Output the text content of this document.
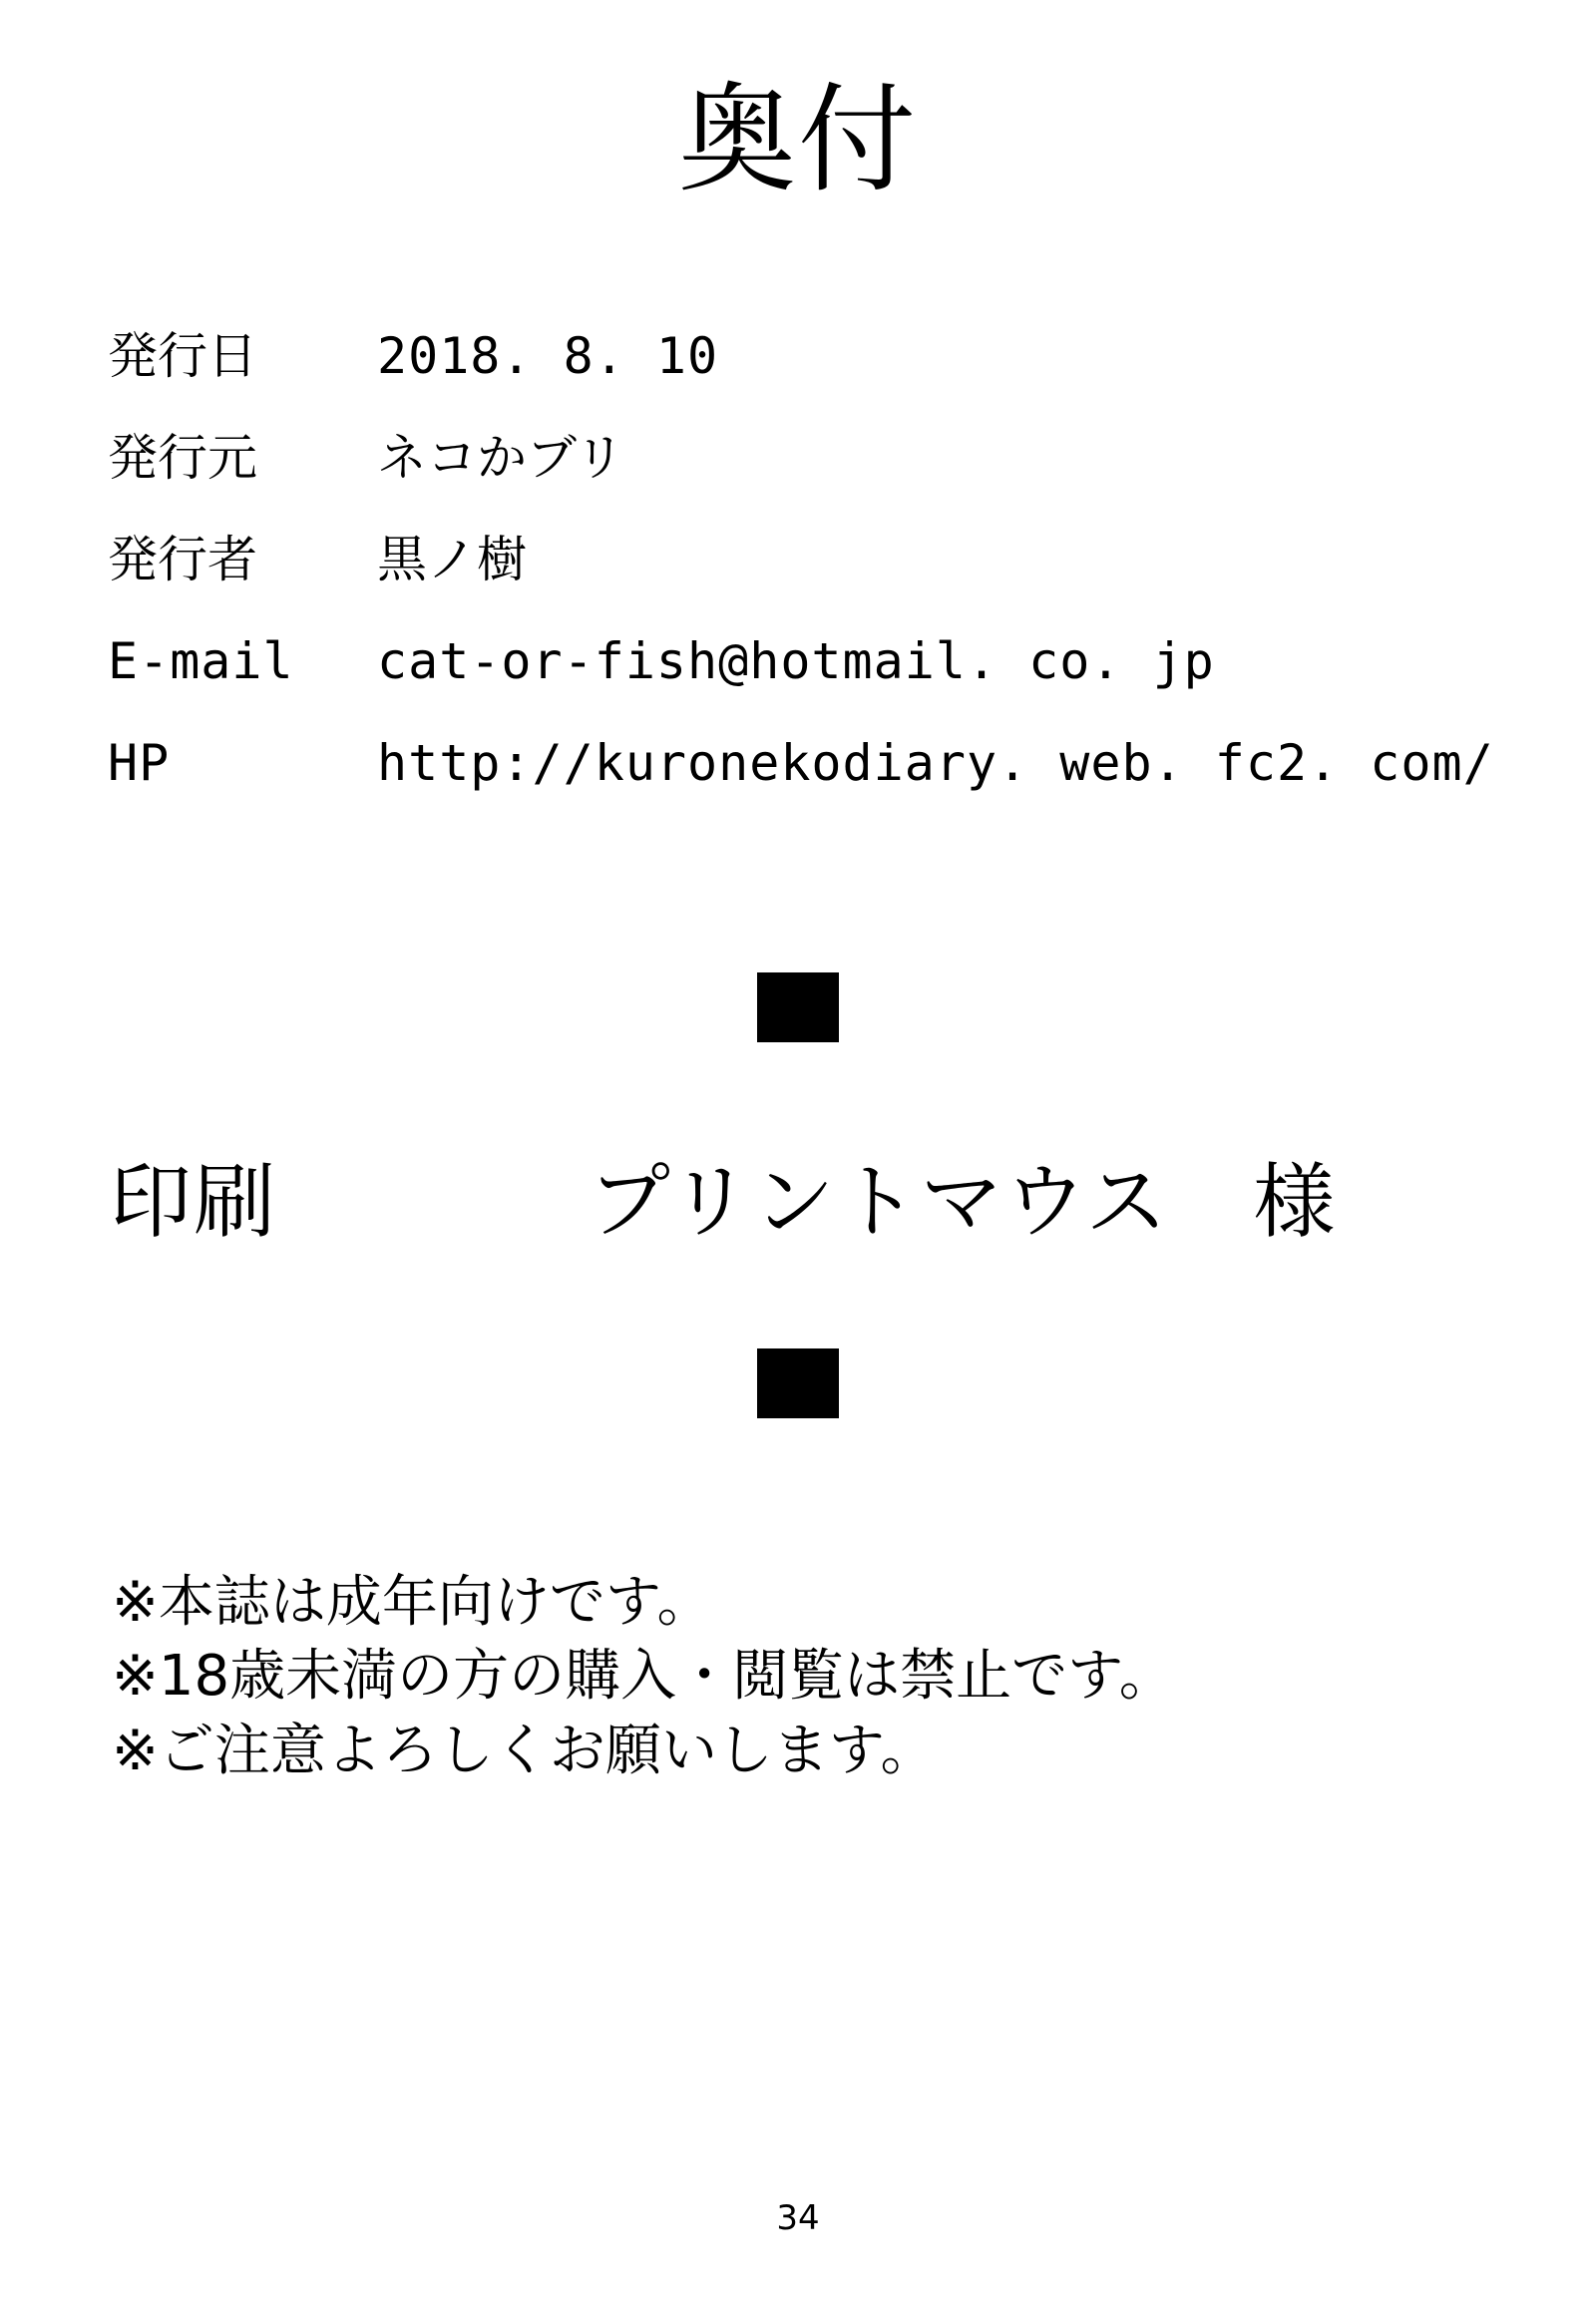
奥付
発行日	2018. 8. 10
発行元	ネコかブリ
発行者	黒ノ樹
E-mail	cat-or-fish@hotmail. co. jp
HP	http://kuronekodiary. web. fc2. com/
印刷	プリントマウス　様
※本誌は成年向けです。
※18歳未満の方の購入・閲覧は禁止です。
※ご注意よろしくお願いします。
34
